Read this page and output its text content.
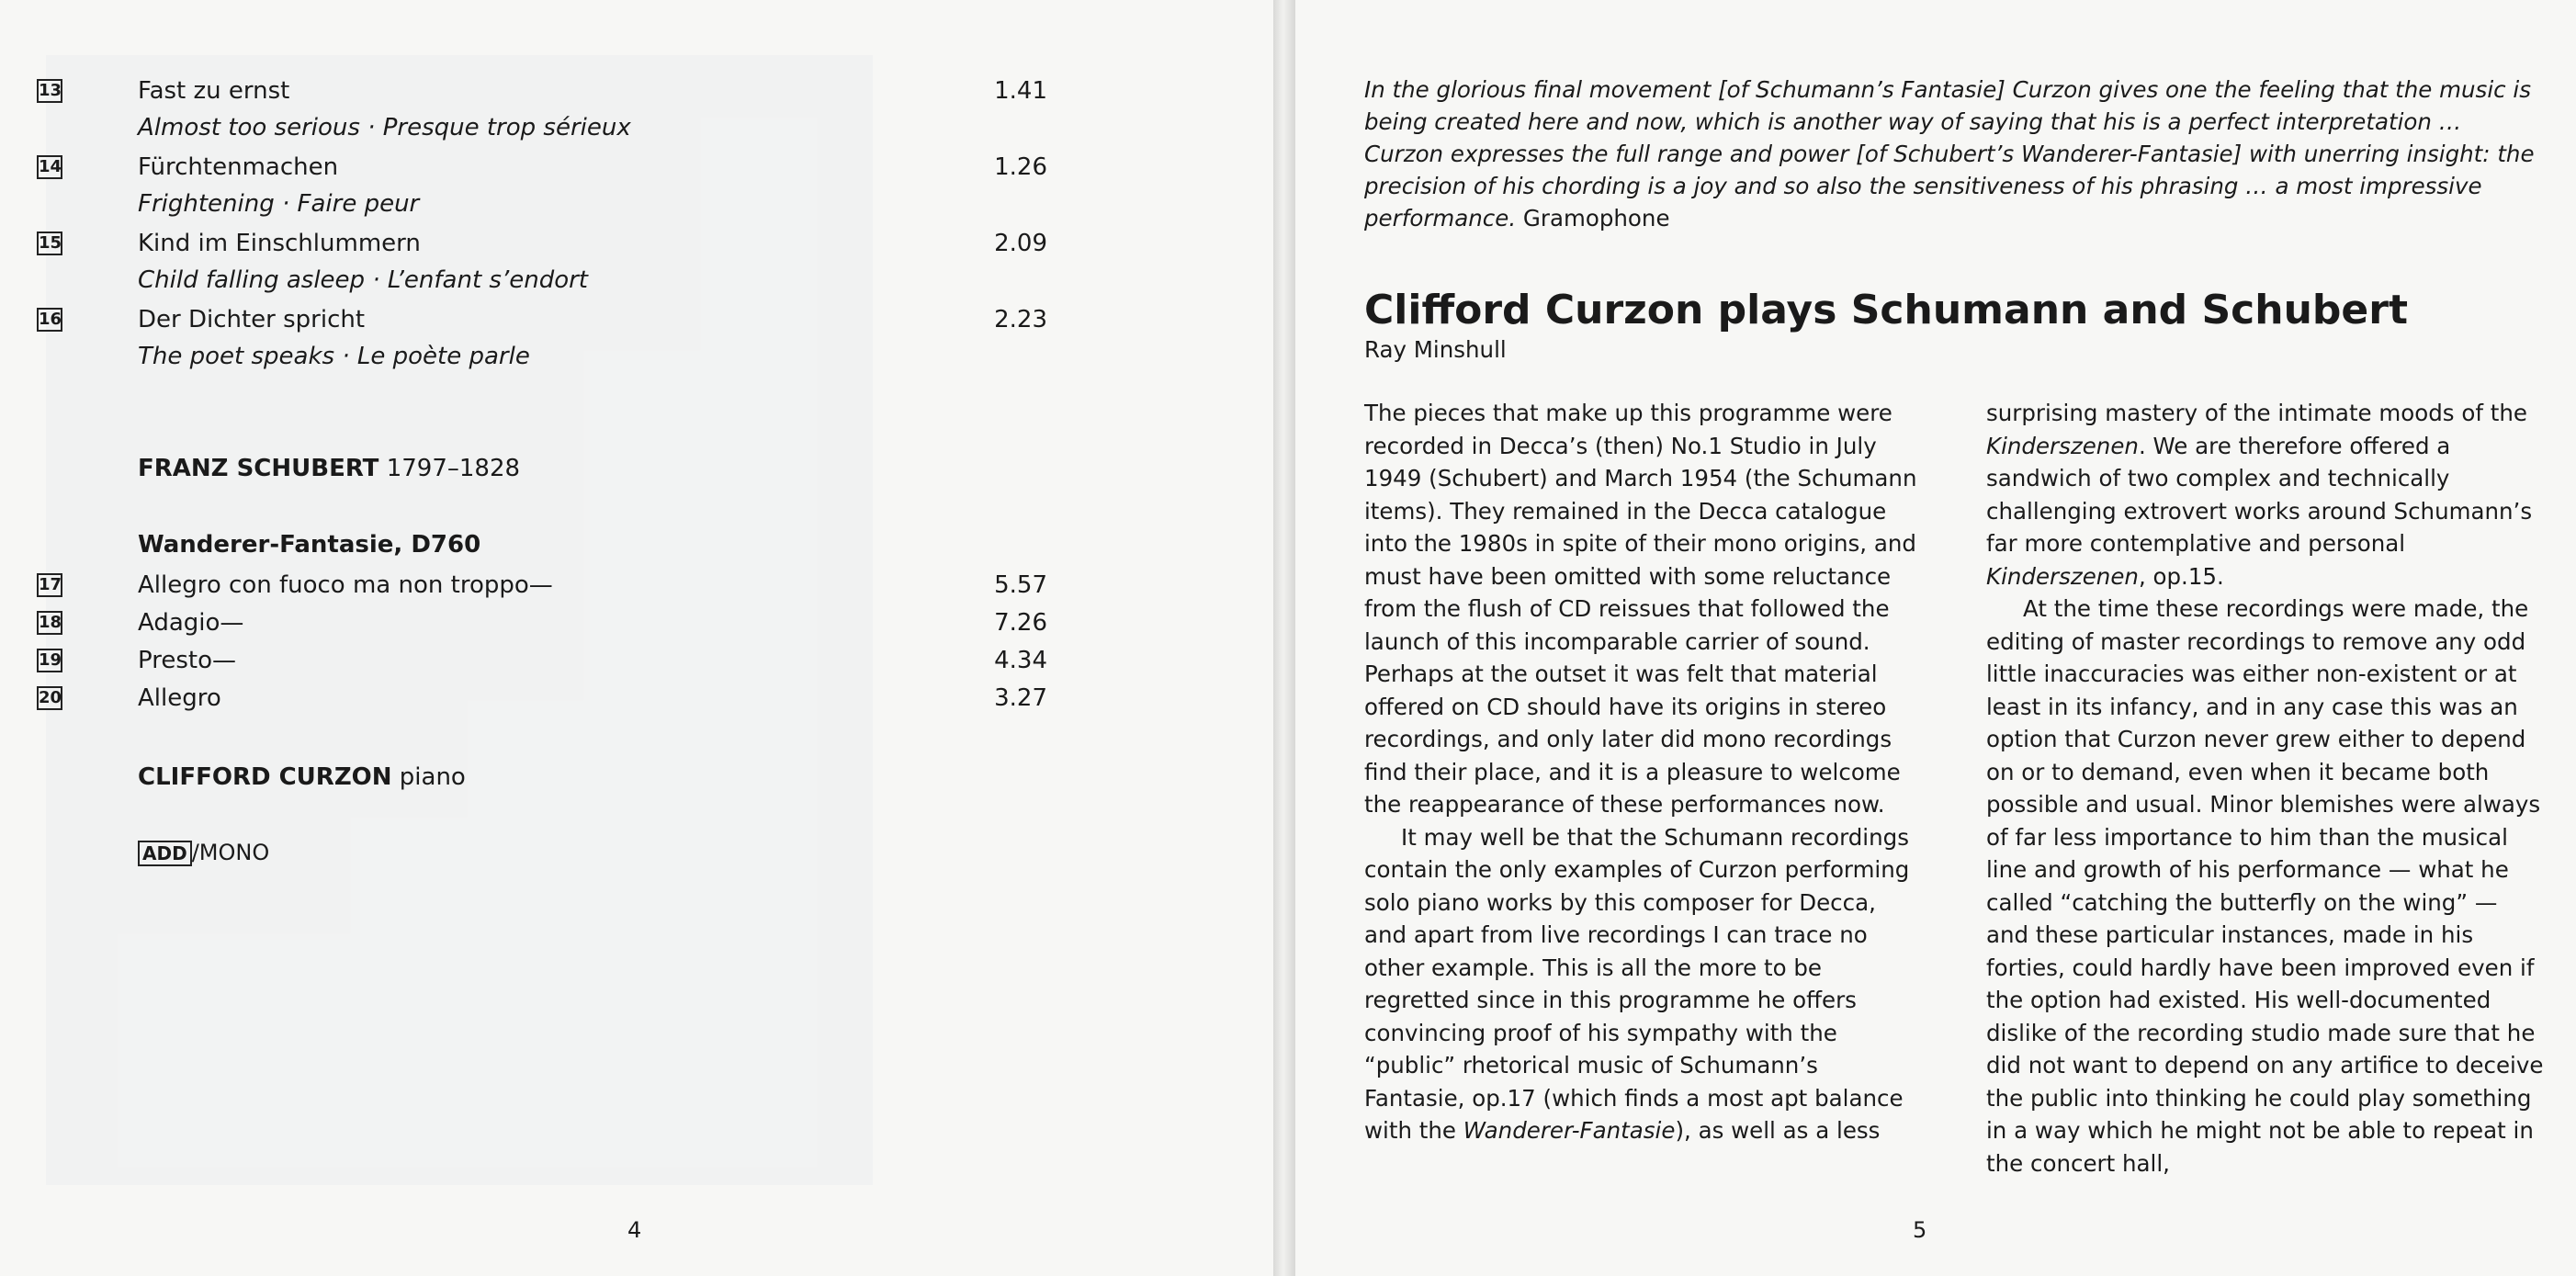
13	Fast zu ernst	1.41
Almost too serious · Presque trop sérieux
14	Fürchtenmachen	1.26
Frightening · Faire peur
15	Kind im Einschlummern	2.09
Child falling asleep · L’enfant s’endort
16	Der Dichter spricht	2.23
The poet speaks · Le poète parle
FRANZ SCHUBERT 1797–1828
Wanderer-Fantasie, D760
17	Allegro con fuoco ma non troppo—	5.57
18	Adagio—	7.26
19	Presto—	4.34
20	Allegro	3.27
CLIFFORD CURZON piano
ADD /MONO
4
In the glorious final movement [of Schumann’s Fantasie] Curzon gives one the feeling that the music is being created here and now, which is another way of saying that his is a perfect interpretation … Curzon expresses the full range and power [of Schubert’s Wanderer-Fantasie] with unerring insight: the precision of his chording is a joy and so also the sensitiveness of his phrasing … a most impressive performance. Gramophone
Clifford Curzon plays Schumann and Schubert
Ray Minshull

The pieces that make up this programme were recorded in Decca’s (then) No.1 Studio in July 1949 (Schubert) and March 1954 (the Schumann items). They remained in the Decca catalogue into the 1980s in spite of their mono origins, and must have been omitted with some reluctance from the flush of CD reissues that followed the launch of this incomparable carrier of sound. Perhaps at the outset it was felt that material offered on CD should have its origins in stereo recordings, and only later did mono recordings find their place, and it is a pleasure to welcome the reappearance of these performances now.

It may well be that the Schumann recordings contain the only examples of Curzon performing solo piano works by this composer for Decca, and apart from live recordings I can trace no other example. This is all the more to be regretted since in this programme he offers convincing proof of his sympathy with the “public” rhetorical music of Schumann’s Fantasie, op.17 (which finds a most apt balance with the Wanderer-Fantasie), as well as a less

surprising mastery of the intimate moods of the Kinderszenen. We are therefore offered a sandwich of two complex and technically challenging extrovert works around Schumann’s far more contemplative and personal Kinderszenen, op.15.

At the time these recordings were made, the editing of master recordings to remove any odd little inaccuracies was either non-existent or at least in its infancy, and in any case this was an option that Curzon never grew either to depend on or to demand, even when it became both possible and usual. Minor blemishes were always of far less importance to him than the musical line and growth of his performance — what he called “catching the butterfly on the wing” — and these particular instances, made in his forties, could hardly have been improved even if the option had existed. His well-documented dislike of the recording studio made sure that he did not want to depend on any artifice to deceive the public into thinking he could play something in a way which he might not be able to repeat in the concert hall,

5
